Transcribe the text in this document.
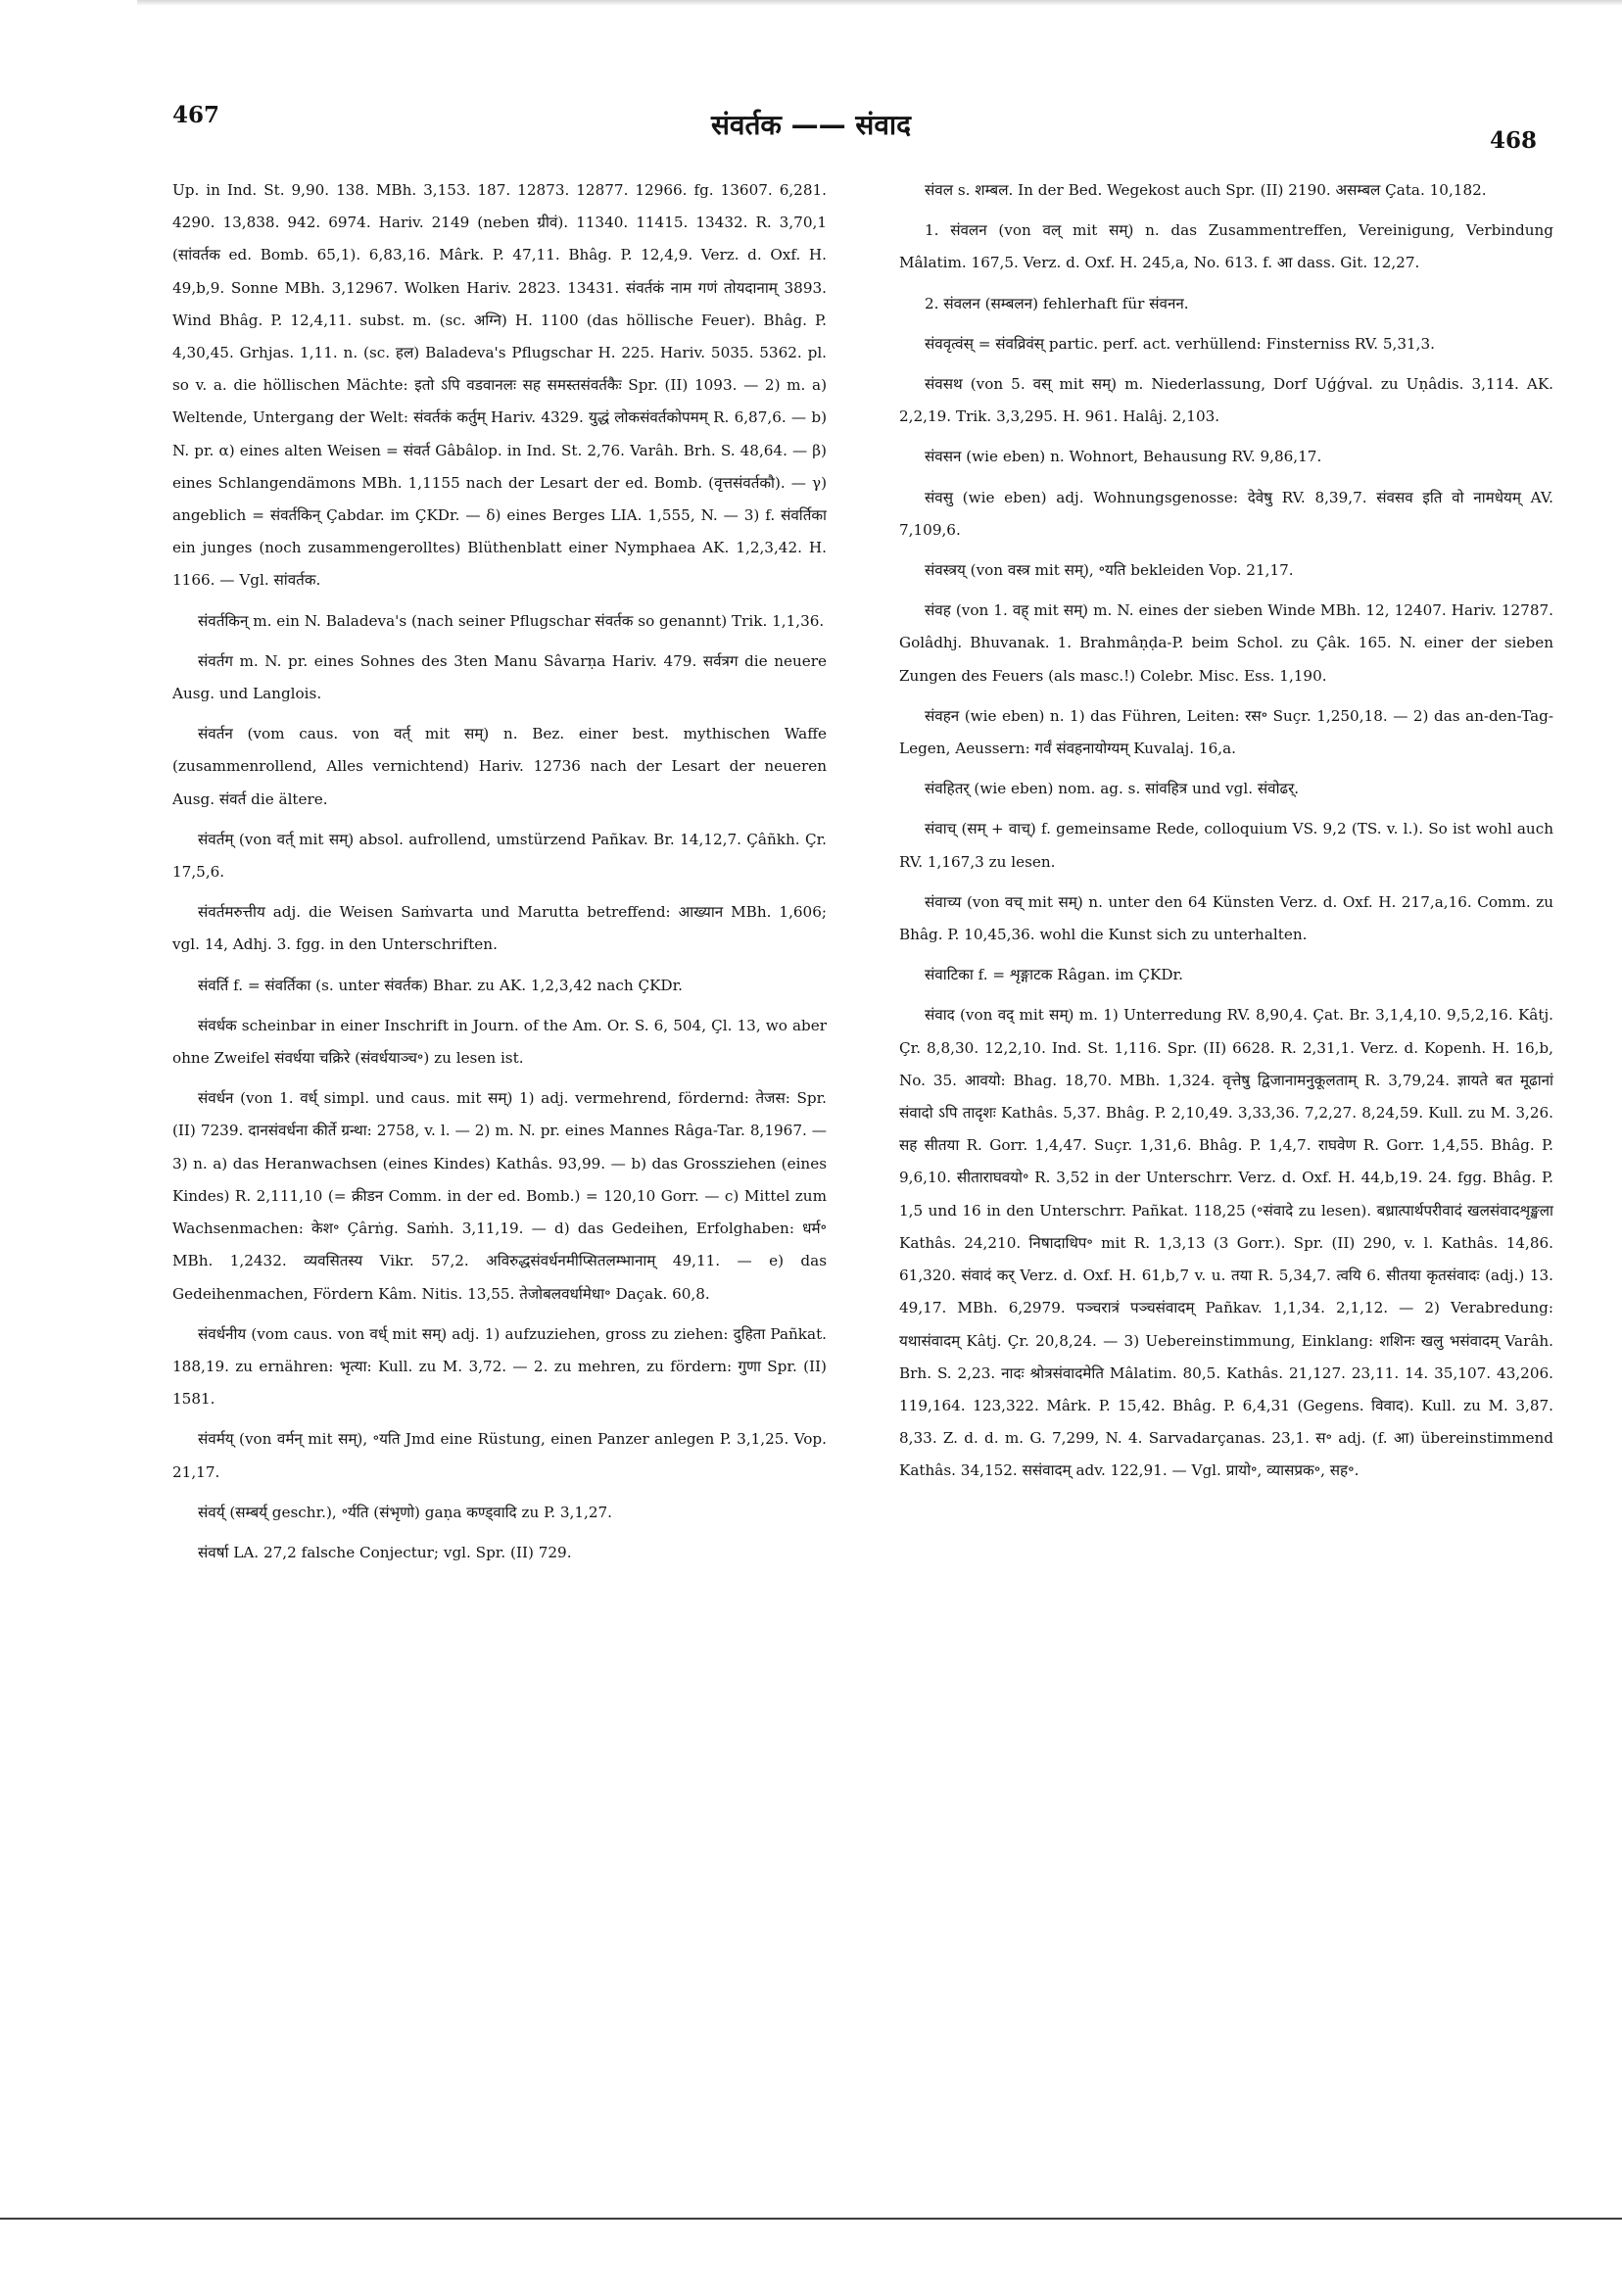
467	संवर्तक —— संवाद	468

Up. in Ind. St. 9,90. 138. MBh. 3,153. 187. 12873. 12877. 12966. fg. 13607. 6,281. 4290. 13,838. 942. 6974. Hariv. 2149 (neben ग्रीवं). 11340. 11415. 13432. R. 3,70,1 (सांवर्तक ed. Bomb. 65,1). 6,83,16. Mârk. P. 47,11. Bhâg. P. 12,4,9. Verz. d. Oxf. H. 49,b,9. Sonne MBh. 3,12967. Wolken Hariv. 2823. 13431. संवर्तकं नाम गणं तोयदानाम् 3893. Wind Bhâg. P. 12,4,11. subst. m. (sc. अग्नि) H. 1100 (das höllische Feuer). Bhâg. P. 4,30,45. Grhjas. 1,11. n. (sc. हल) Baladeva's Pflugschar H. 225. Hariv. 5035. 5362. pl. so v. a. die höllischen Mächte: इतो ऽपि वडवानलः सह समस्तसंवर्तकैः Spr. (II) 1093. — 2) m. a) Weltende, Untergang der Welt: संवर्तकं कर्तुम् Hariv. 4329. युद्धं लोकसंवर्तकोपमम् R. 6,87,6. — b) N. pr. α) eines alten Weisen = संवर्त Gâbâlop. in Ind. St. 2,76. Varâh. Brh. S. 48,64. — β) eines Schlangendämons MBh. 1,1155 nach der Lesart der ed. Bomb. (वृत्तसंवर्तकौ). — γ) angeblich = संवर्तकिन् Çabdar. im ÇKDr. — δ) eines Berges LIA. 1,555, N. — 3) f. संवर्तिका ein junges (noch zusammengerolltes) Blüthenblatt einer Nymphaea AK. 1,2,3,42. H. 1166. — Vgl. सांवर्तक.

संवर्तकिन् m. ein N. Baladeva's (nach seiner Pflugschar संवर्तक so genannt) Trik. 1,1,36.

संवर्तग m. N. pr. eines Sohnes des 3ten Manu Sâvarṇa Hariv. 479. सर्वत्रग die neuere Ausg. und Langlois.

संवर्तन (vom caus. von वर्त् mit सम्) n. Bez. einer best. mythischen Waffe (zusammenrollend, Alles vernichtend) Hariv. 12736 nach der Lesart der neueren Ausg. संवर्त die ältere.

संवर्तम् (von वर्त् mit सम्) absol. aufrollend, umstürzend Pañkav. Br. 14,12,7. Çâñkh. Çr. 17,5,6.

संवर्तमरुत्तीय adj. die Weisen Saṁvarta und Marutta betreffend: आख्यान MBh. 1,606; vgl. 14, Adhj. 3. fgg. in den Unterschriften.

संवर्ति f. = संवर्तिका (s. unter संवर्तक) Bhar. zu AK. 1,2,3,42 nach ÇKDr.

संवर्धक scheinbar in einer Inschrift in Journ. of the Am. Or. S. 6, 504, Çl. 13, wo aber ohne Zweifel संवर्धया चक्रिरे (संवर्धयाञ्च॰) zu lesen ist.

संवर्धन (von 1. वर्ध् simpl. und caus. mit सम्) 1) adj. vermehrend, fördernd: तेजस: Spr. (II) 7239. दानसंवर्धना कीर्ते ग्रन्था: 2758, v. l. — 2) m. N. pr. eines Mannes Râga-Tar. 8,1967. — 3) n. a) das Heranwachsen (eines Kindes) Kathâs. 93,99. — b) das Grossziehen (eines Kindes) R. 2,111,10 (= क्रीडन Comm. in der ed. Bomb.) = 120,10 Gorr. — c) Mittel zum Wachsenmachen: केश॰ Çârṅg. Saṁh. 3,11,19. — d) das Gedeihen, Erfolghaben: धर्म॰ MBh. 1,2432. व्यवसितस्य Vikr. 57,2. अविरुद्धसंवर्धनमीप्सितलम्भानाम् 49,11. — e) das Gedeihenmachen, Fördern Kâm. Nitis. 13,55. तेजोबलवर्धामेधा॰ Daçak. 60,8.

संवर्धनीय (vom caus. von वर्ध् mit सम्) adj. 1) aufzuziehen, gross zu ziehen: दुहिता Pañkat. 188,19. zu ernähren: भृत्या: Kull. zu M. 3,72. — 2. zu mehren, zu fördern: गुणा Spr. (II) 1581.

संवर्मय् (von वर्मन् mit सम्), ॰यति Jmd eine Rüstung, einen Panzer anlegen P. 3,1,25. Vop. 21,17.

संवर्य् (सम्बर्य् geschr.), ॰र्यति (संभृणो) gaṇa कण्ड्वादि zu P. 3,1,27.

संवर्षा LA. 27,2 falsche Conjectur; vgl. Spr. (II) 729.

संवल s. शम्बल. In der Bed. Wegekost auch Spr. (II) 2190. असम्बल Çata. 10,182.

1. संवलन (von वल् mit सम्) n. das Zusammentreffen, Vereinigung, Verbindung Mâlatim. 167,5. Verz. d. Oxf. H. 245,a, No. 613. f. आ dass. Git. 12,27.

2. संवलन (सम्बलन) fehlerhaft für संवनन.

संववृत्वंस् = संवव्रिवंस् partic. perf. act. verhüllend: Finsterniss RV. 5,31,3.

संवसथ (von 5. वस् mit सम्) m. Niederlassung, Dorf Uǵǵval. zu Uṇâdis. 3,114. AK. 2,2,19. Trik. 3,3,295. H. 961. Halâj. 2,103.

संवसन (wie eben) n. Wohnort, Behausung RV. 9,86,17.

संवसु (wie eben) adj. Wohnungsgenosse: देवेषु RV. 8,39,7. संवसव इति वो नामधेयम् AV. 7,109,6.

संवस्त्रय् (von वस्त्र mit सम्), ॰यति bekleiden Vop. 21,17.

संवह (von 1. वह् mit सम्) m. N. eines der sieben Winde MBh. 12, 12407. Hariv. 12787. Golâdhj. Bhuvanak. 1. Brahmâṇḍa-P. beim Schol. zu Çâk. 165. N. einer der sieben Zungen des Feuers (als masc.!) Colebr. Misc. Ess. 1,190.

संवहन (wie eben) n. 1) das Führen, Leiten: रस॰ Suçr. 1,250,18. — 2) das an-den-Tag-Legen, Aeussern: गर्वं संवहनायोग्यम् Kuvalaj. 16,a.

संवहितर् (wie eben) nom. ag. s. सांवहित्र und vgl. संवोढर्.

संवाच् (सम् + वाच्) f. gemeinsame Rede, colloquium VS. 9,2 (TS. v. l.). So ist wohl auch RV. 1,167,3 zu lesen.

संवाच्य (von वच् mit सम्) n. unter den 64 Künsten Verz. d. Oxf. H. 217,a,16. Comm. zu Bhâg. P. 10,45,36. wohl die Kunst sich zu unterhalten.

संवाटिका f. = शृङ्गाटक Râgan. im ÇKDr.

संवाद (von वद् mit सम्) m. 1) Unterredung RV. 8,90,4. Çat. Br. 3,1,4,10. 9,5,2,16. Kâtj. Çr. 8,8,30. 12,2,10. Ind. St. 1,116. Spr. (II) 6628. R. 2,31,1. Verz. d. Kopenh. H. 16,b, No. 35. आवयो: Bhag. 18,70. MBh. 1,324. वृत्तेषु द्विजानामनुकूलताम् R. 3,79,24. ज्ञायते बत मूढानां संवादो ऽपि तादृशः Kathâs. 5,37. Bhâg. P. 2,10,49. 3,33,36. 7,2,27. 8,24,59. Kull. zu M. 3,26. सह सीतया R. Gorr. 1,4,47. Suçr. 1,31,6. Bhâg. P. 1,4,7. राघवेण R. Gorr. 1,4,55. Bhâg. P. 9,6,10. सीताराघवयो॰ R. 3,52 in der Unterschrr. Verz. d. Oxf. H. 44,b,19. 24. fgg. Bhâg. P. 1,5 und 16 in den Unterschrr. Pañkat. 118,25 (॰संवादे zu lesen). बध्रात्पार्थपरीवादं खलसंवादशृङ्खला Kathâs. 24,210. निषादाधिप॰ mit R. 1,3,13 (3 Gorr.). Spr. (II) 290, v. l. Kathâs. 14,86. 61,320. संवादं कर् Verz. d. Oxf. H. 61,b,7 v. u. तया R. 5,34,7. त्वयि 6. सीतया कृतसंवादः (adj.) 13. 49,17. MBh. 6,2979. पञ्चरात्रं पञ्चसंवादम् Pañkav. 1,1,34. 2,1,12. — 2) Verabredung: यथासंवादम् Kâtj. Çr. 20,8,24. — 3) Uebereinstimmung, Einklang: शशिनः खलु भसंवादम् Varâh. Brh. S. 2,23. नादः श्रोत्रसंवादमेति Mâlatim. 80,5. Kathâs. 21,127. 23,11. 14. 35,107. 43,206. 119,164. 123,322. Mârk. P. 15,42. Bhâg. P. 6,4,31 (Gegens. विवाद). Kull. zu M. 3,87. 8,33. Z. d. d. m. G. 7,299, N. 4. Sarvadarçanas. 23,1. स॰ adj. (f. आ) übereinstimmend Kathâs. 34,152. ससंवादम् adv. 122,91. — Vgl. प्रायो॰, व्यासप्रक॰, सह॰.
